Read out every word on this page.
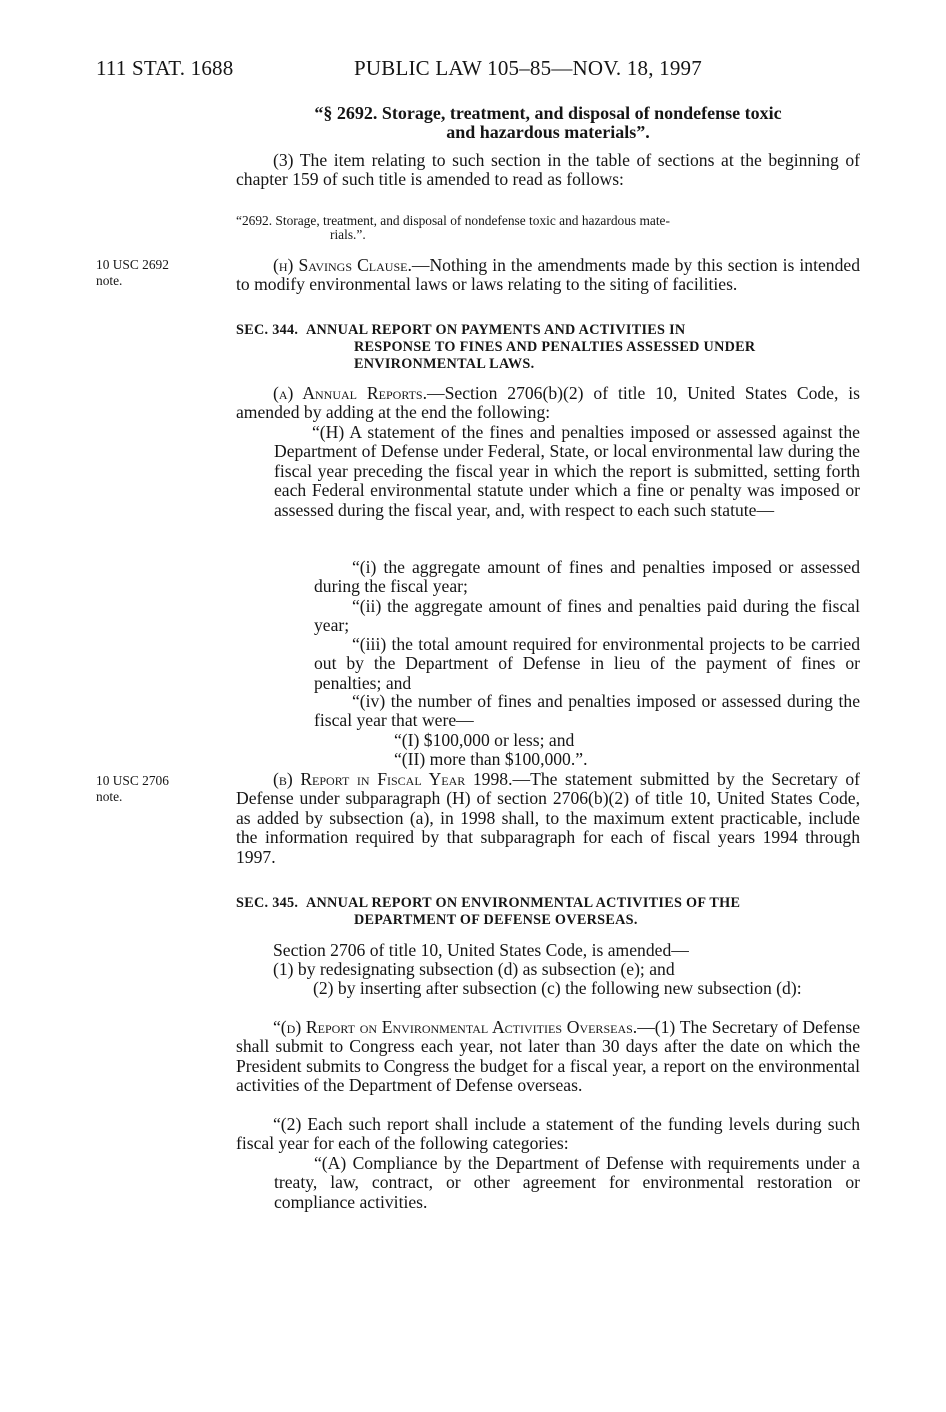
111 STAT. 1688	PUBLIC LAW 105–85—NOV. 18, 1997
“§ 2692. Storage, treatment, and disposal of nondefense toxic
and hazardous materials”.
(3) The item relating to such section in the table of sections at the beginning of chapter 159 of such title is amended to read as follows:
“2692. Storage, treatment, and disposal of nondefense toxic and hazardous mate-
rials.”.
10 USC 2692
note.
(h) Savings Clause.—Nothing in the amendments made by this section is intended to modify environmental laws or laws relating to the siting of facilities.
SEC. 344. ANNUAL REPORT ON PAYMENTS AND ACTIVITIES IN
RESPONSE TO FINES AND PENALTIES ASSESSED UNDER
ENVIRONMENTAL LAWS.
(a) Annual Reports.—Section 2706(b)(2) of title 10, United States Code, is amended by adding at the end the following:
“(H) A statement of the fines and penalties imposed or assessed against the Department of Defense under Federal, State, or local environmental law during the fiscal year preceding the fiscal year in which the report is submitted, setting forth each Federal environmental statute under which a fine or penalty was imposed or assessed during the fiscal year, and, with respect to each such statute—
“(i) the aggregate amount of fines and penalties imposed or assessed during the fiscal year;
“(ii) the aggregate amount of fines and penalties paid during the fiscal year;
“(iii) the total amount required for environmental projects to be carried out by the Department of Defense in lieu of the payment of fines or penalties; and
“(iv) the number of fines and penalties imposed or assessed during the fiscal year that were—
“(I) $100,000 or less; and
“(II) more than $100,000.”.
10 USC 2706
note.
(b) Report in Fiscal Year 1998.—The statement submitted by the Secretary of Defense under subparagraph (H) of section 2706(b)(2) of title 10, United States Code, as added by subsection (a), in 1998 shall, to the maximum extent practicable, include the information required by that subparagraph for each of fiscal years 1994 through 1997.
SEC. 345. ANNUAL REPORT ON ENVIRONMENTAL ACTIVITIES OF THE
DEPARTMENT OF DEFENSE OVERSEAS.
Section 2706 of title 10, United States Code, is amended—
(1) by redesignating subsection (d) as subsection (e); and
(2) by inserting after subsection (c) the following new subsection (d):
“(d) Report on Environmental Activities Overseas.—(1) The Secretary of Defense shall submit to Congress each year, not later than 30 days after the date on which the President submits to Congress the budget for a fiscal year, a report on the environmental activities of the Department of Defense overseas.
“(2) Each such report shall include a statement of the funding levels during such fiscal year for each of the following categories:
“(A) Compliance by the Department of Defense with requirements under a treaty, law, contract, or other agreement for environmental restoration or compliance activities.
